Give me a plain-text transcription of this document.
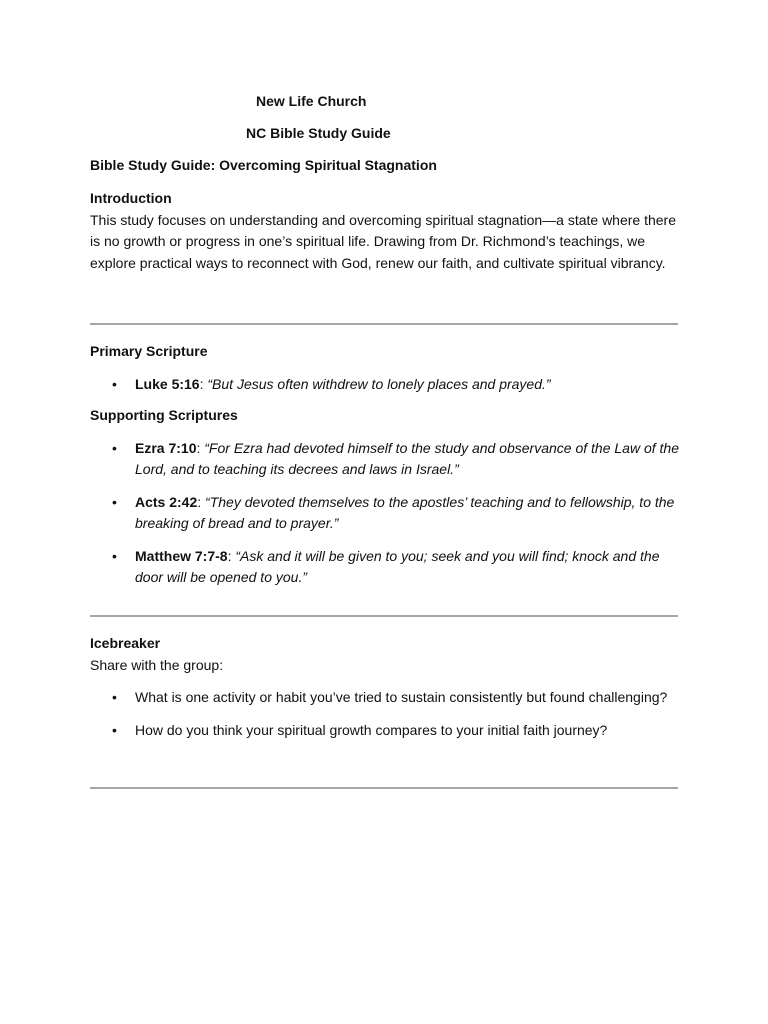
New Life Church
NC Bible Study Guide
Bible Study Guide: Overcoming Spiritual Stagnation
Introduction

This study focuses on understanding and overcoming spiritual stagnation—a state where there is no growth or progress in one’s spiritual life. Drawing from Dr. Richmond’s teachings, we explore practical ways to reconnect with God, renew our faith, and cultivate spiritual vibrancy.

Primary Scripture
• Luke 5:16: “But Jesus often withdrew to lonely places and prayed.”
Supporting Scriptures
• Ezra 7:10: “For Ezra had devoted himself to the study and observance of the Law of the Lord, and to teaching its decrees and laws in Israel.”
• Acts 2:42: “They devoted themselves to the apostles’ teaching and to fellowship, to the breaking of bread and to prayer.”
• Matthew 7:7-8: “Ask and it will be given to you; seek and you will find; knock and the door will be opened to you.”
Icebreaker
Share with the group:
• What is one activity or habit you’ve tried to sustain consistently but found challenging?
• How do you think your spiritual growth compares to your initial faith journey?
